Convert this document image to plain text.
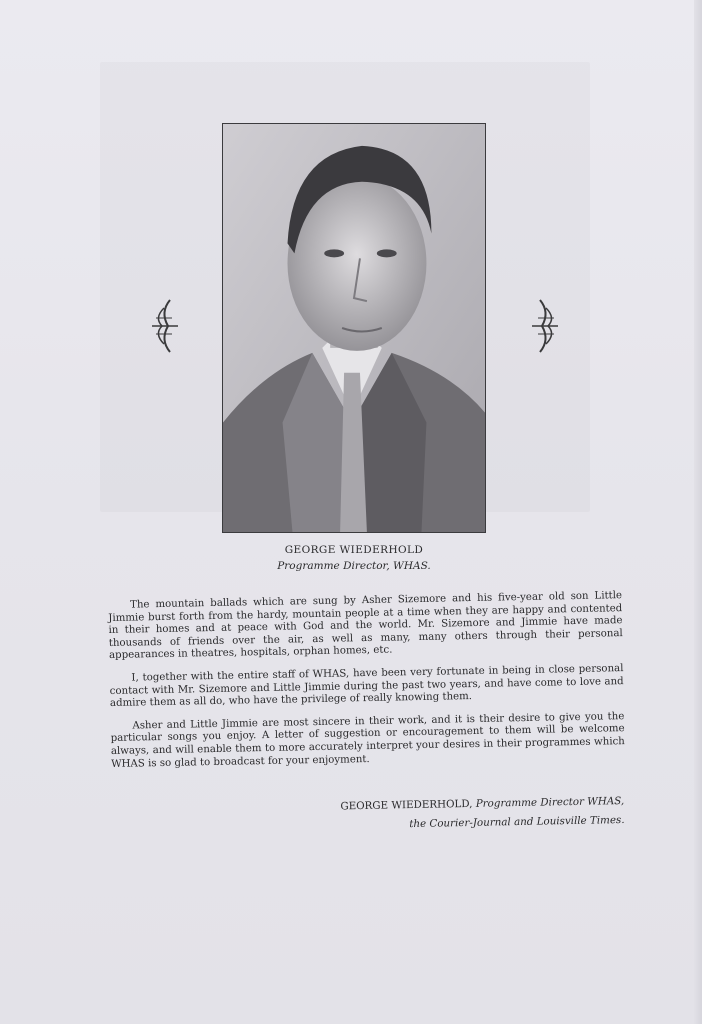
GEORGE WIEDERHOLD
Programme Director, WHAS.

The mountain ballads which are sung by Asher Sizemore and his five-year old son Little Jimmie burst forth from the hardy, mountain people at a time when they are happy and contented in their homes and at peace with God and the world. Mr. Sizemore and Jimmie have made thousands of friends over the air, as well as many, many others through their personal appearances in theatres, hospitals, orphan homes, etc.

I, together with the entire staff of WHAS, have been very fortunate in being in close personal contact with Mr. Sizemore and Little Jimmie during the past two years, and have come to love and admire them as all do, who have the privilege of really knowing them.

Asher and Little Jimmie are most sincere in their work, and it is their desire to give you the particular songs you enjoy. A letter of suggestion or encouragement to them will be welcome always, and will enable them to more accurately interpret your desires in their programmes which WHAS is so glad to broadcast for your enjoyment.

GEORGE WIEDERHOLD, Programme Director WHAS,
the Courier-Journal and Louisville Times.
